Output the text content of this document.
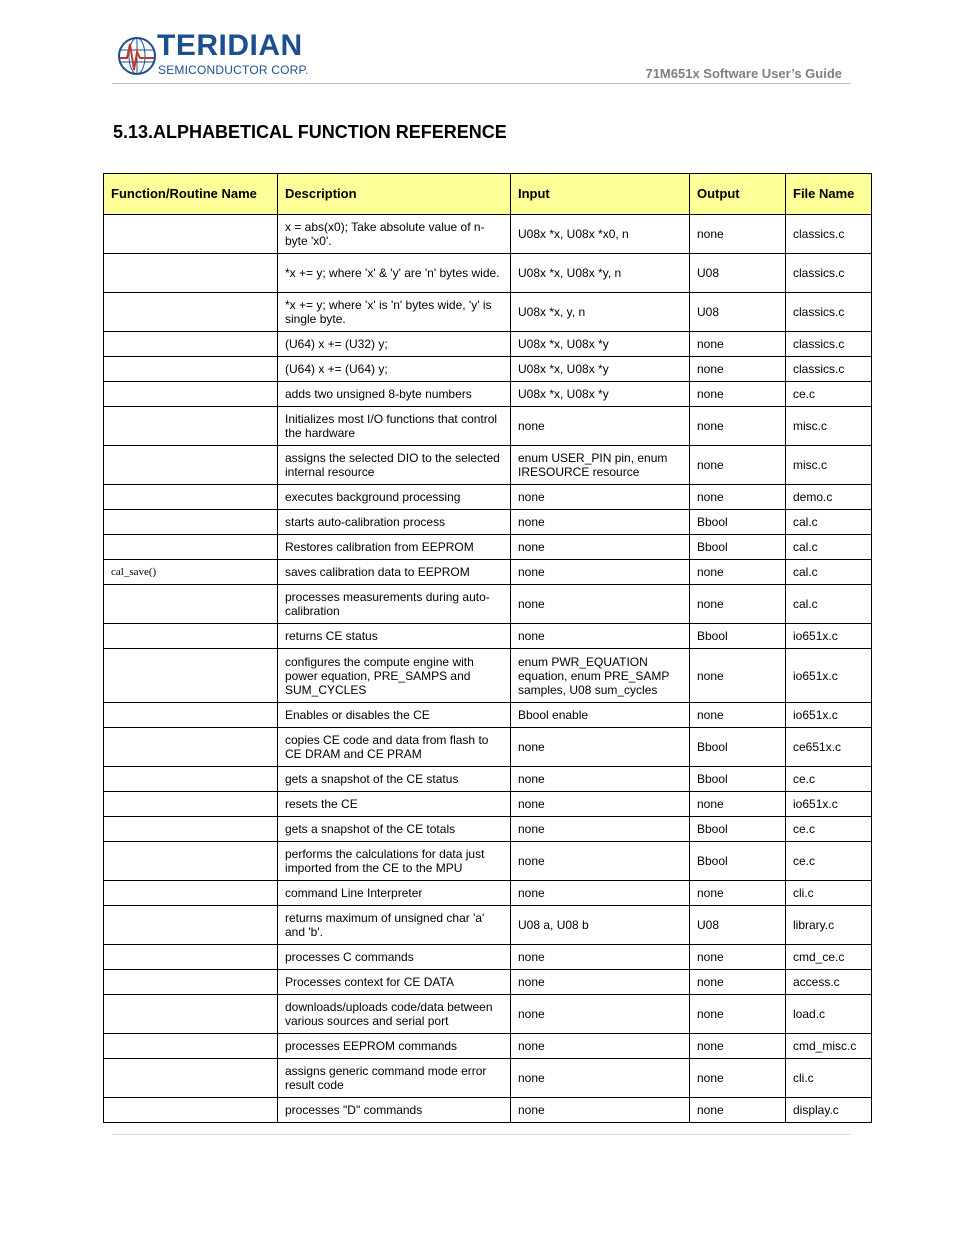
TERIDIAN
SEMICONDUCTOR CORP.	71M651x Software User’s Guide
5.13.ALPHABETICAL FUNCTION REFERENCE
Function/Routine Name	Description	Input	Output	File Name
	x = abs(x0); Take absolute value of n-byte 'x0'.	U08x *x, U08x *x0, n	none	classics.c
	*x += y; where 'x' & 'y' are 'n' bytes wide.	U08x *x, U08x *y, n	U08	classics.c
	*x += y; where 'x' is 'n' bytes wide, 'y' is single byte.	U08x *x, y, n	U08	classics.c
	(U64) x += (U32) y;	U08x *x, U08x *y	none	classics.c
	(U64) x += (U64) y;	U08x *x, U08x *y	none	classics.c
	adds two unsigned 8-byte numbers	U08x *x, U08x *y	none	ce.c
	Initializes most I/O functions that control the hardware	none	none	misc.c
	assigns the selected DIO to the selected internal resource	enum USER_PIN pin, enum IRESOURCE resource	none	misc.c
	executes background processing	none	none	demo.c
	starts auto-calibration process	none	Bbool	cal.c
	Restores calibration from EEPROM	none	Bbool	cal.c
cal_save()	saves calibration data to EEPROM	none	none	cal.c
	processes measurements during auto-calibration	none	none	cal.c
	returns CE status	none	Bbool	io651x.c
	configures the compute engine with power equation, PRE_SAMPS and SUM_CYCLES	enum PWR_EQUATION equation, enum PRE_SAMP samples, U08 sum_cycles	none	io651x.c
	Enables or disables the CE	Bbool enable	none	io651x.c
	copies CE code and data from flash to CE DRAM and CE PRAM	none	Bbool	ce651x.c
	gets a snapshot of the CE status	none	Bbool	ce.c
	resets the CE	none	none	io651x.c
	gets a snapshot of the CE totals	none	Bbool	ce.c
	performs the calculations for data just imported from the CE to the MPU	none	Bbool	ce.c
	command Line Interpreter	none	none	cli.c
	returns maximum of unsigned char 'a' and 'b'.	U08 a, U08 b	U08	library.c
	processes C commands	none	none	cmd_ce.c
	Processes context for CE DATA	none	none	access.c
	downloads/uploads code/data between various sources and serial port	none	none	load.c
	processes EEPROM commands	none	none	cmd_misc.c
	assigns generic command mode error result code	none	none	cli.c
	processes "D" commands	none	none	display.c
